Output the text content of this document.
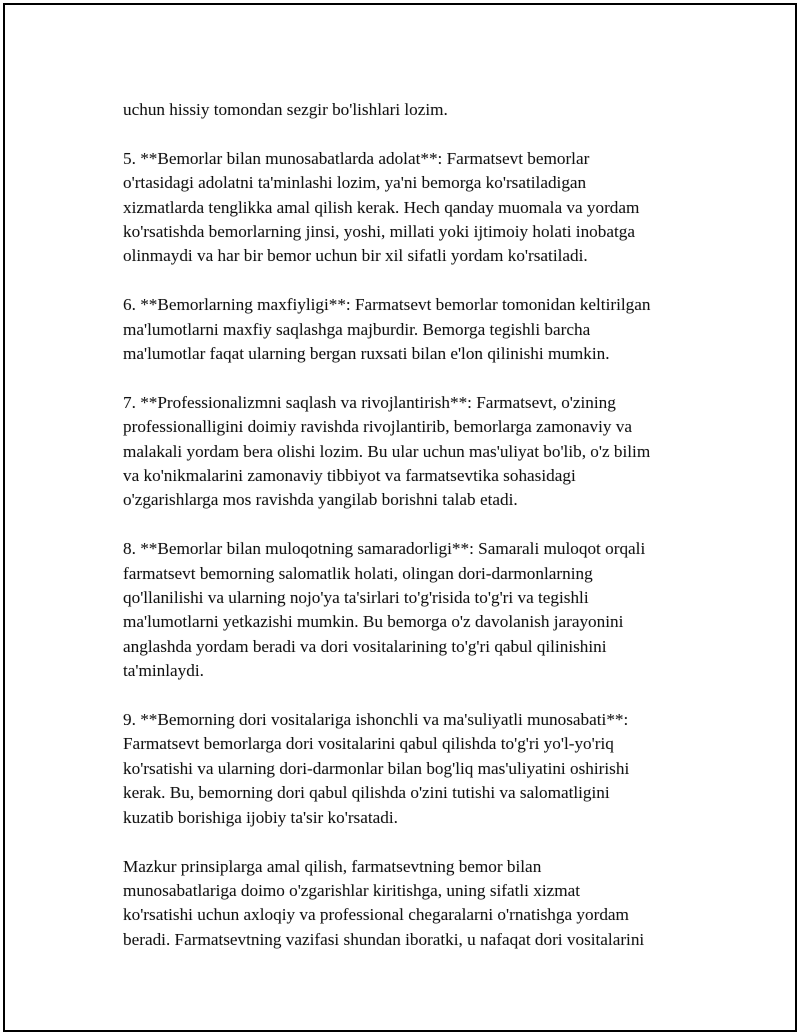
uchun hissiy tomondan sezgir bo'lishlari lozim.

5. **Bemorlar bilan munosabatlarda adolat**: Farmatsevt bemorlar
o'rtasidagi adolatni ta'minlashi lozim, ya'ni bemorga ko'rsatiladigan
xizmatlarda tenglikka amal qilish kerak. Hech qanday muomala va yordam
ko'rsatishda bemorlarning jinsi, yoshi, millati yoki ijtimoiy holati inobatga
olinmaydi va har bir bemor uchun bir xil sifatli yordam ko'rsatiladi.

6. **Bemorlarning maxfiyligi**: Farmatsevt bemorlar tomonidan keltirilgan
ma'lumotlarni maxfiy saqlashga majburdir. Bemorga tegishli barcha
ma'lumotlar faqat ularning bergan ruxsati bilan e'lon qilinishi mumkin.

7. **Professionalizmni saqlash va rivojlantirish**: Farmatsevt, o'zining
professionalligini doimiy ravishda rivojlantirib, bemorlarga zamonaviy va
malakali yordam bera olishi lozim. Bu ular uchun mas'uliyat bo'lib, o'z bilim
va ko'nikmalarini zamonaviy tibbiyot va farmatsevtika sohasidagi
o'zgarishlarga mos ravishda yangilab borishni talab etadi.

8. **Bemorlar bilan muloqotning samaradorligi**: Samarali muloqot orqali
farmatsevt bemorning salomatlik holati, olingan dori-darmonlarning
qo'llanilishi va ularning nojo'ya ta'sirlari to'g'risida to'g'ri va tegishli
ma'lumotlarni yetkazishi mumkin. Bu bemorga o'z davolanish jarayonini
anglashda yordam beradi va dori vositalarining to'g'ri qabul qilinishini
ta'minlaydi.

9. **Bemorning dori vositalariga ishonchli va ma'suliyatli munosabati**:
Farmatsevt bemorlarga dori vositalarini qabul qilishda to'g'ri yo'l-yo'riq
ko'rsatishi va ularning dori-darmonlar bilan bog'liq mas'uliyatini oshirishi
kerak. Bu, bemorning dori qabul qilishda o'zini tutishi va salomatligini
kuzatib borishiga ijobiy ta'sir ko'rsatadi.

Mazkur prinsiplarga amal qilish, farmatsevtning bemor bilan
munosabatlariga doimo o'zgarishlar kiritishga, uning sifatli xizmat
ko'rsatishi uchun axloqiy va professional chegaralarni o'rnatishga yordam
beradi. Farmatsevtning vazifasi shundan iboratki, u nafaqat dori vositalarini
